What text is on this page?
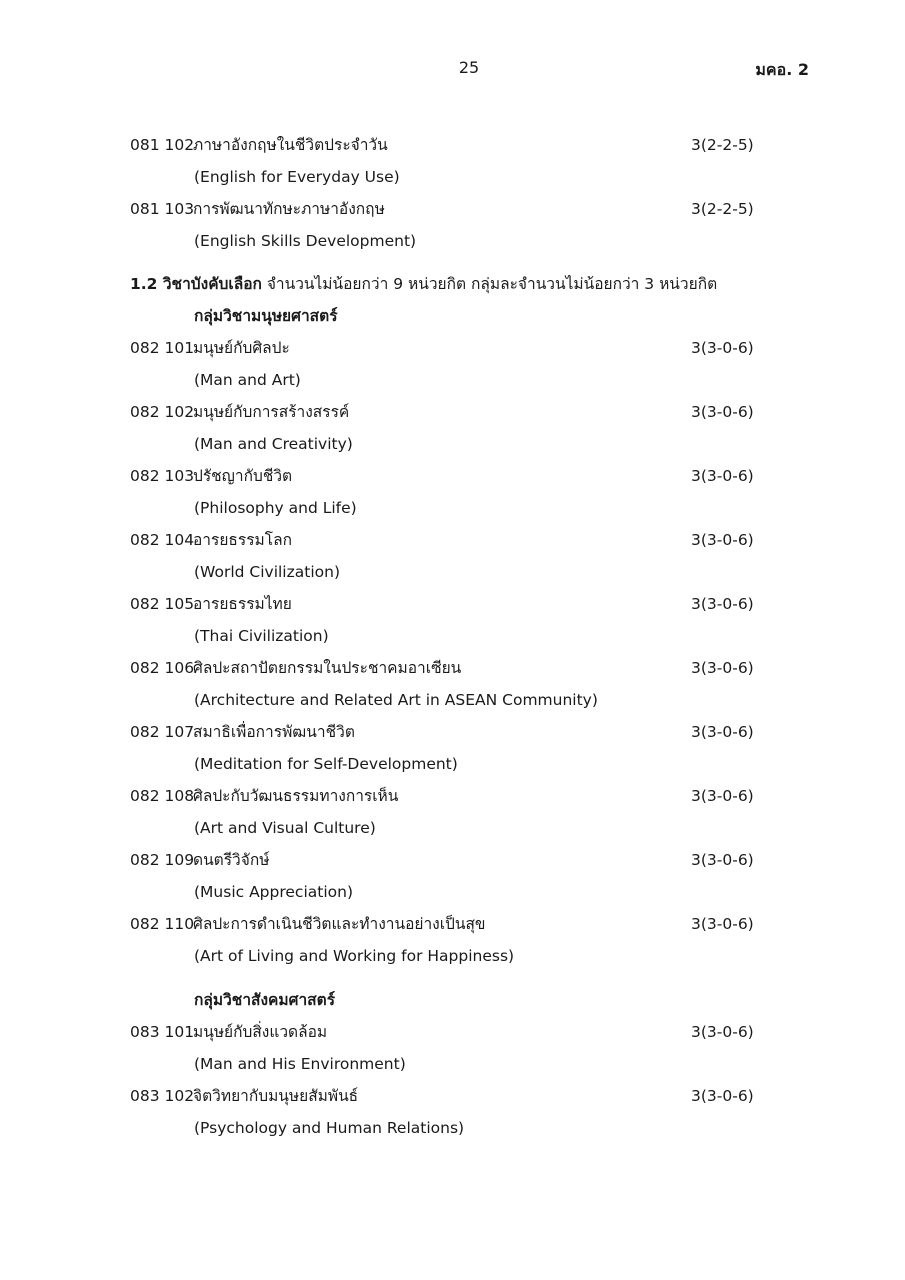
25	มคอ. 2
081 102ภาษาอังกฤษในชีวิตประจำวัน	3(2-2-5)
(English for Everyday Use)
081 103การพัฒนาทักษะภาษาอังกฤษ	3(2-2-5)
(English Skills Development)
1.2 วิชาบังคับเลือก จำนวนไม่น้อยกว่า 9 หน่วยกิต กลุ่มละจำนวนไม่น้อยกว่า 3 หน่วยกิต
กลุ่มวิชามนุษยศาสตร์
082 101มนุษย์กับศิลปะ	3(3-0-6)
(Man and Art)
082 102มนุษย์กับการสร้างสรรค์	3(3-0-6)
(Man and Creativity)
082 103ปรัชญากับชีวิต	3(3-0-6)
(Philosophy and Life)
082 104อารยธรรมโลก	3(3-0-6)
(World Civilization)
082 105อารยธรรมไทย	3(3-0-6)
(Thai Civilization)
082 106ศิลปะสถาปัตยกรรมในประชาคมอาเซียน	3(3-0-6)
(Architecture and Related Art in ASEAN Community)
082 107สมาธิเพื่อการพัฒนาชีวิต	3(3-0-6)
(Meditation for Self-Development)
082 108ศิลปะกับวัฒนธรรมทางการเห็น	3(3-0-6)
(Art and Visual Culture)
082 109ดนตรีวิจักษ์	3(3-0-6)
(Music Appreciation)
082 110ศิลปะการดำเนินชีวิตและทำงานอย่างเป็นสุข	3(3-0-6)
(Art of Living and Working for Happiness)
กลุ่มวิชาสังคมศาสตร์
083 101มนุษย์กับสิ่งแวดล้อม	3(3-0-6)
(Man and His Environment)
083 102จิตวิทยากับมนุษยสัมพันธ์	3(3-0-6)
(Psychology and Human Relations)
